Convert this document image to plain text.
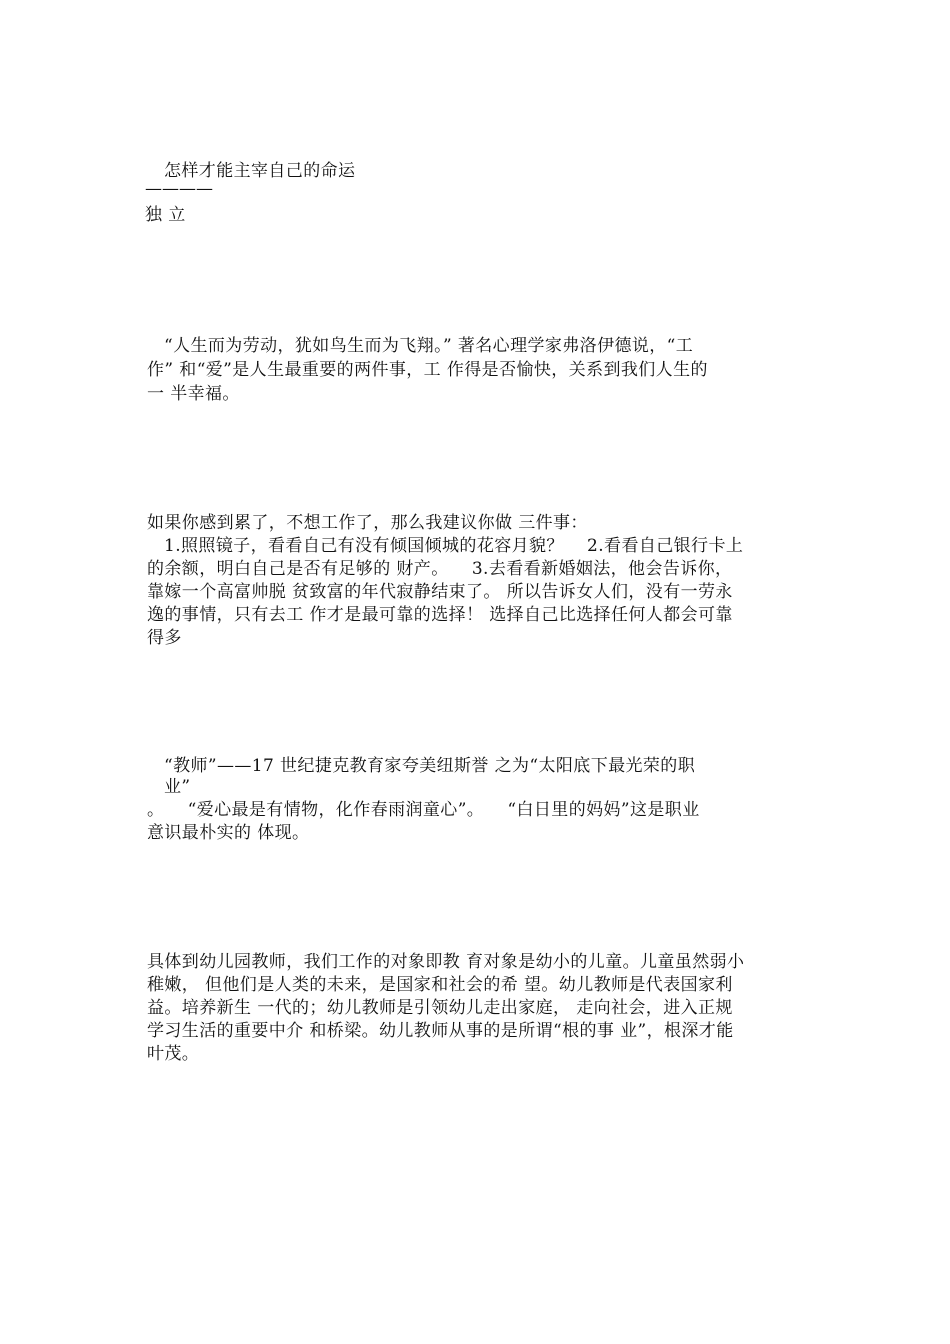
怎样才能主宰自己的命运
————
独 立
“人生而为劳动，犹如鸟生而为飞翔。” 著名心理学家弗洛伊德说，“工
作” 和“爱”是人生最重要的两件事，工 作得是否愉快，关系到我们人生的
一 半幸福。
如果你感到累了，不想工作了，那么我建议你做 三件事：
1.照照镜子，看看自己有没有倾国倾城的花容月貌？    2.看看自己银行卡上
的余额，明白自己是否有足够的 财产。    3.去看看新婚姻法，他会告诉你，
靠嫁一个高富帅脱 贫致富的年代寂静结束了。 所以告诉女人们，没有一劳永
逸的事情，只有去工 作才是最可靠的选择！ 选择自己比选择任何人都会可靠
得多
“教师”——17 世纪捷克教育家夸美纽斯誉 之为“太阳底下最光荣的职
业”
。    “爱心最是有情物，化作春雨润童心”。    “白日里的妈妈”这是职业
意识最朴实的 体现。
具体到幼儿园教师，我们工作的对象即教 育对象是幼小的儿童。儿童虽然弱小
稚嫩， 但他们是人类的未来，是国家和社会的希 望。幼儿教师是代表国家利
益。培养新生 一代的；幼儿教师是引领幼儿走出家庭， 走向社会，进入正规
学习生活的重要中介 和桥梁。幼儿教师从事的是所谓“根的事 业”，根深才能
叶茂。
